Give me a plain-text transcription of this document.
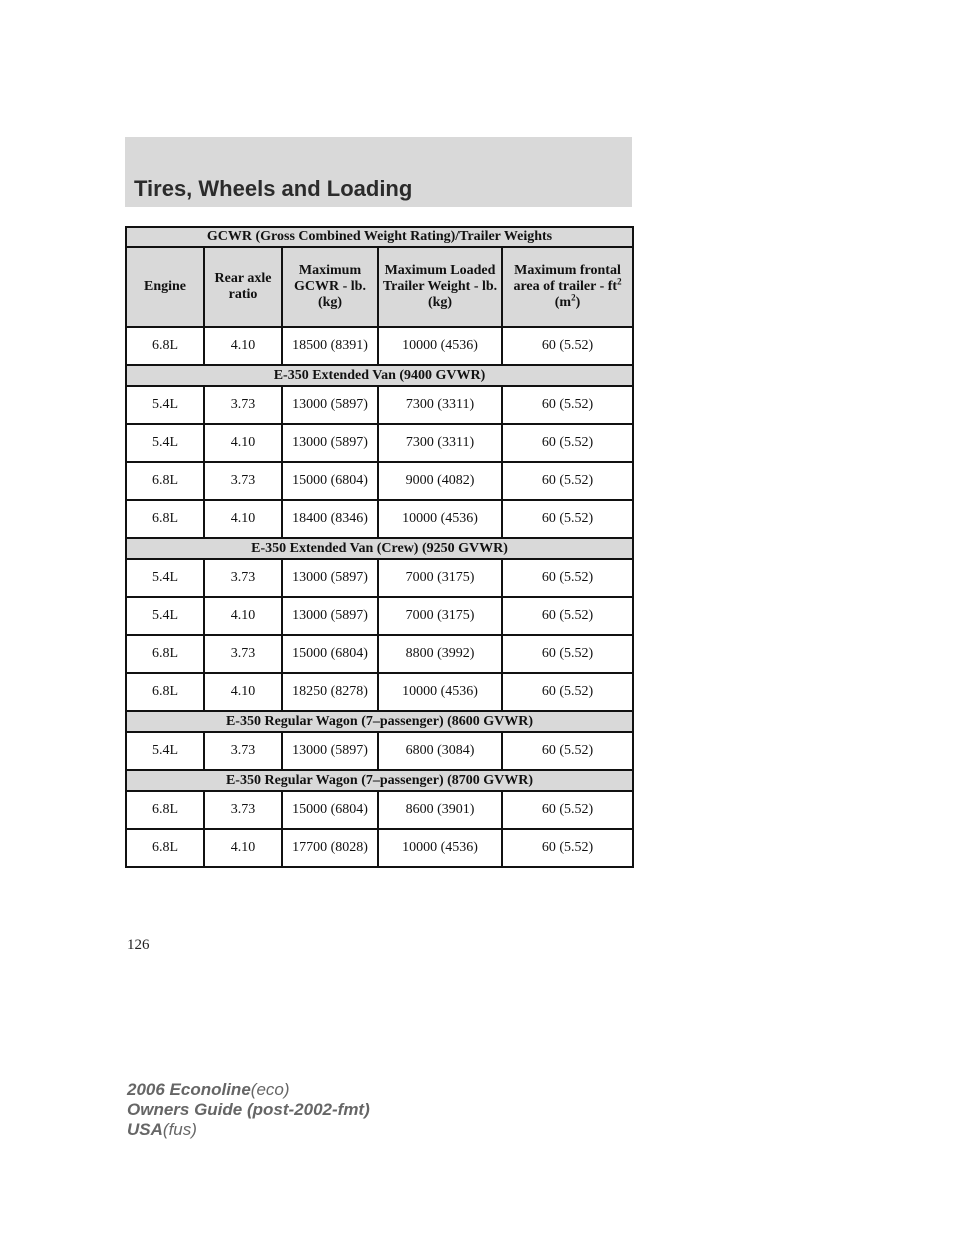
Tires, Wheels and Loading
GCWR (Gross Combined Weight Rating)/Trailer Weights				
Engine	Rear axle ratio	Maximum GCWR - lb. (kg)	Maximum Loaded Trailer Weight - lb. (kg)	Maximum frontal area of trailer - $ft^2$
$(m^2)$
6.8L	4.10	18500 (8391)	10000 (4536)	60 (5.52)
E-350 Extended Van (9400 GVWR)				
5.4L	3.73	13000 (5897)	7300 (3311)	60 (5.52)
5.4L	4.10	13000 (5897)	7300 (3311)	60 (5.52)
6.8L	3.73	15000 (6804)	9000 (4082)	60 (5.52)
6.8L	4.10	18400 (8346)	10000 (4536)	60 (5.52)
E-350 Extended Van (Crew) (9250 GVWR)				
5.4L	3.73	13000 (5897)	7000 (3175)	60 (5.52)
5.4L	4.10	13000 (5897)	7000 (3175)	60 (5.52)
6.8L	3.73	15000 (6804)	8800 (3992)	60 (5.52)
6.8L	4.10	18250 (8278)	10000 (4536)	60 (5.52)
E-350 Regular Wagon (7–passenger) (8600 GVWR)				
5.4L	3.73	13000 (5897)	6800 (3084)	60 (5.52)
E-350 Regular Wagon (7–passenger) (8700 GVWR)				
6.8L	3.73	15000 (6804)	8600 (3901)	60 (5.52)
6.8L	4.10	17700 (8028)	10000 (4536)	60 (5.52)
126
2006 Econoline(eco)
Owners Guide (post-2002-fmt)
USA(fus)
